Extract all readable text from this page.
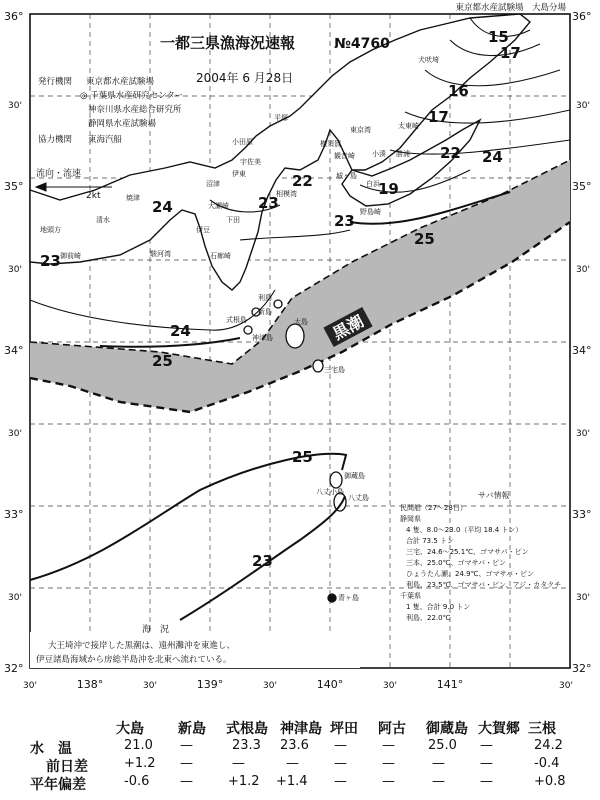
流向・流速
2kt
東京都水産試験場　大島分場
一都三県漁海況速報	№4760
2004年 6 月28日
発行機関 東京都水産試験場
◎ 千葉県水産研究センター
神奈川県水産総合研究所
静岡県水産試験場
協力機関 東海汽船
15
17
16
17
22 24
19
22
23
23
23
24
25
24
25
25
23
黒潮
犬吠埼
太東崎
小湊 勝浦
白浜
平塚
横須賀
観音崎
小田原
城ヶ島
宇佐美
伊東
沼津
焼津
御前崎
大瀬崎
下田
石廊崎
野島崎
大島
利島
新島
式根島
神津島
三宅島
御蔵島
八丈島
八丈小島
青ヶ島
伊豆
清水
地頭方
駿河湾
相模湾
東京湾
サバ情報
民間船（27～28日）
静岡県
4 隻、8.0～23.0（平均 18.4 トン）
合計 73.5 トン
三宅、24.6～25.1℃、ゴマサバ・ピン
三本、25.0℃、ゴマサバ・ピン
ひょうたん瀬、24.9℃、ゴマサバ・ピン
利島、23.5℃、ゴマサバ・ピン、アジ・カタクチ
千葉県
1 隻、合計 9.0 トン
利島、22.0℃
海　況
大王埼沖で接岸した黒潮は、遠州灘沖を東進し、
伊豆諸島海域から房総半島沖を北東へ流れている。
36°
30'
35°
30'
34°
30'
33°
30'
32°
36°
30'
35°
30'
34°
30'
33°
30'
32°
30'	138°	30'	139°	30'	140°	30'	141°	30'
大島 新島 式根島 神津島 坪田 阿古 御蔵島 大賀郷 三根
水　温	21.0 —	23.3 23.6 —	—	25.0 —	24.2
前日差	+1.2 —	—	—	—	—	—	—	-0.4
平年偏差	-0.6 —	+1.2 +1.4 —	—	—	—	+0.8
